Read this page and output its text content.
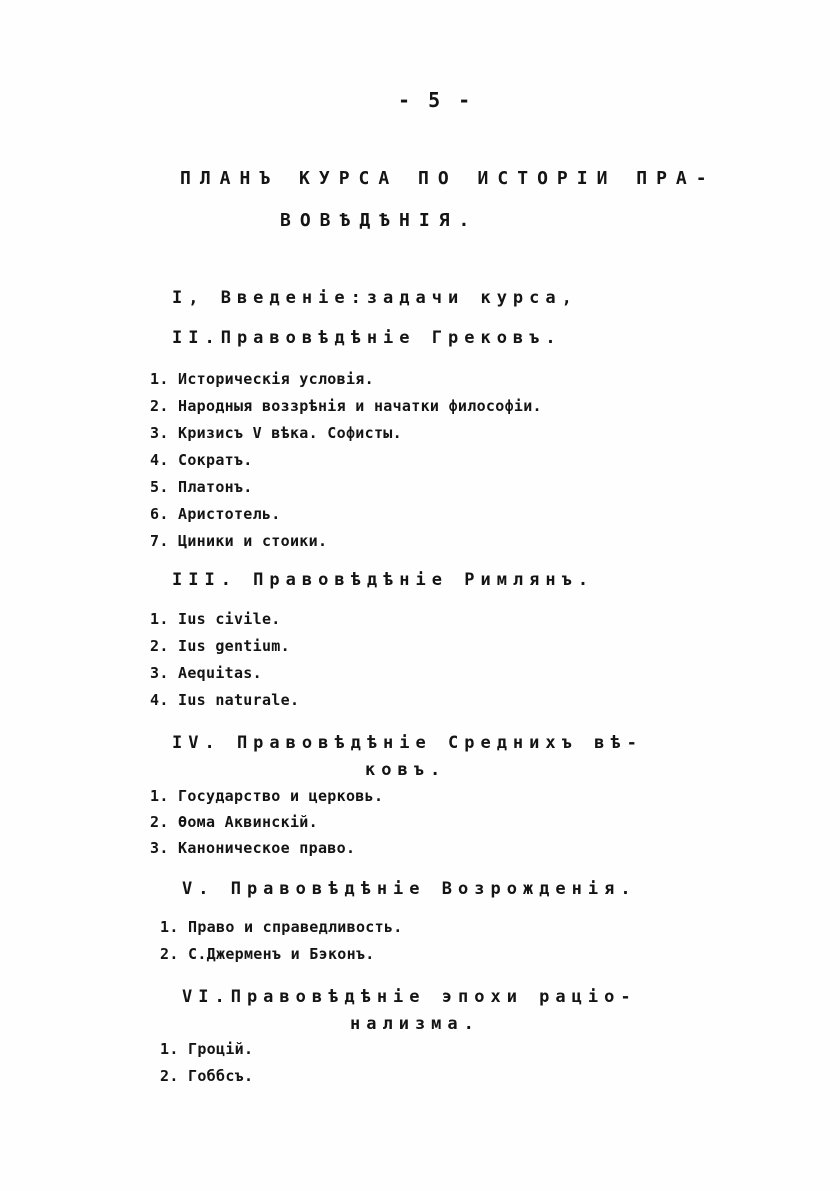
- 5 -
ПЛАНЪ КУРСА ПО ИСТОРІИ ПРА-
ВОВѢДѢНІЯ.
I, Введеніе:задачи курса,
II.Правовѣдѣніе Грековъ.
1. Историческія условія.
2. Народныя воззрѣнія и начатки философіи.
3. Кризисъ V вѣка. Софисты.
4. Сократъ.
5. Платонъ.
6. Аристотель.
7. Циники и стоики.
III. Правовѣдѣніе Римлянъ.
1. Ius civile.
2. Ius gentium.
3. Aequitas.
4. Ius naturale.
IV. Правовѣдѣніе Среднихъ вѣ-
ковъ.
1. Государство и церковь.
2. Ѳома Аквинскій.
3. Каноническое право.
V. Правовѣдѣніе Возрожденія.
1. Право и справедливость.
2. С.Джерменъ и Бэконъ.
VI.Правовѣдѣніе эпохи раціо-
нализма.
1. Гроцій.
2. Гоббсъ.
